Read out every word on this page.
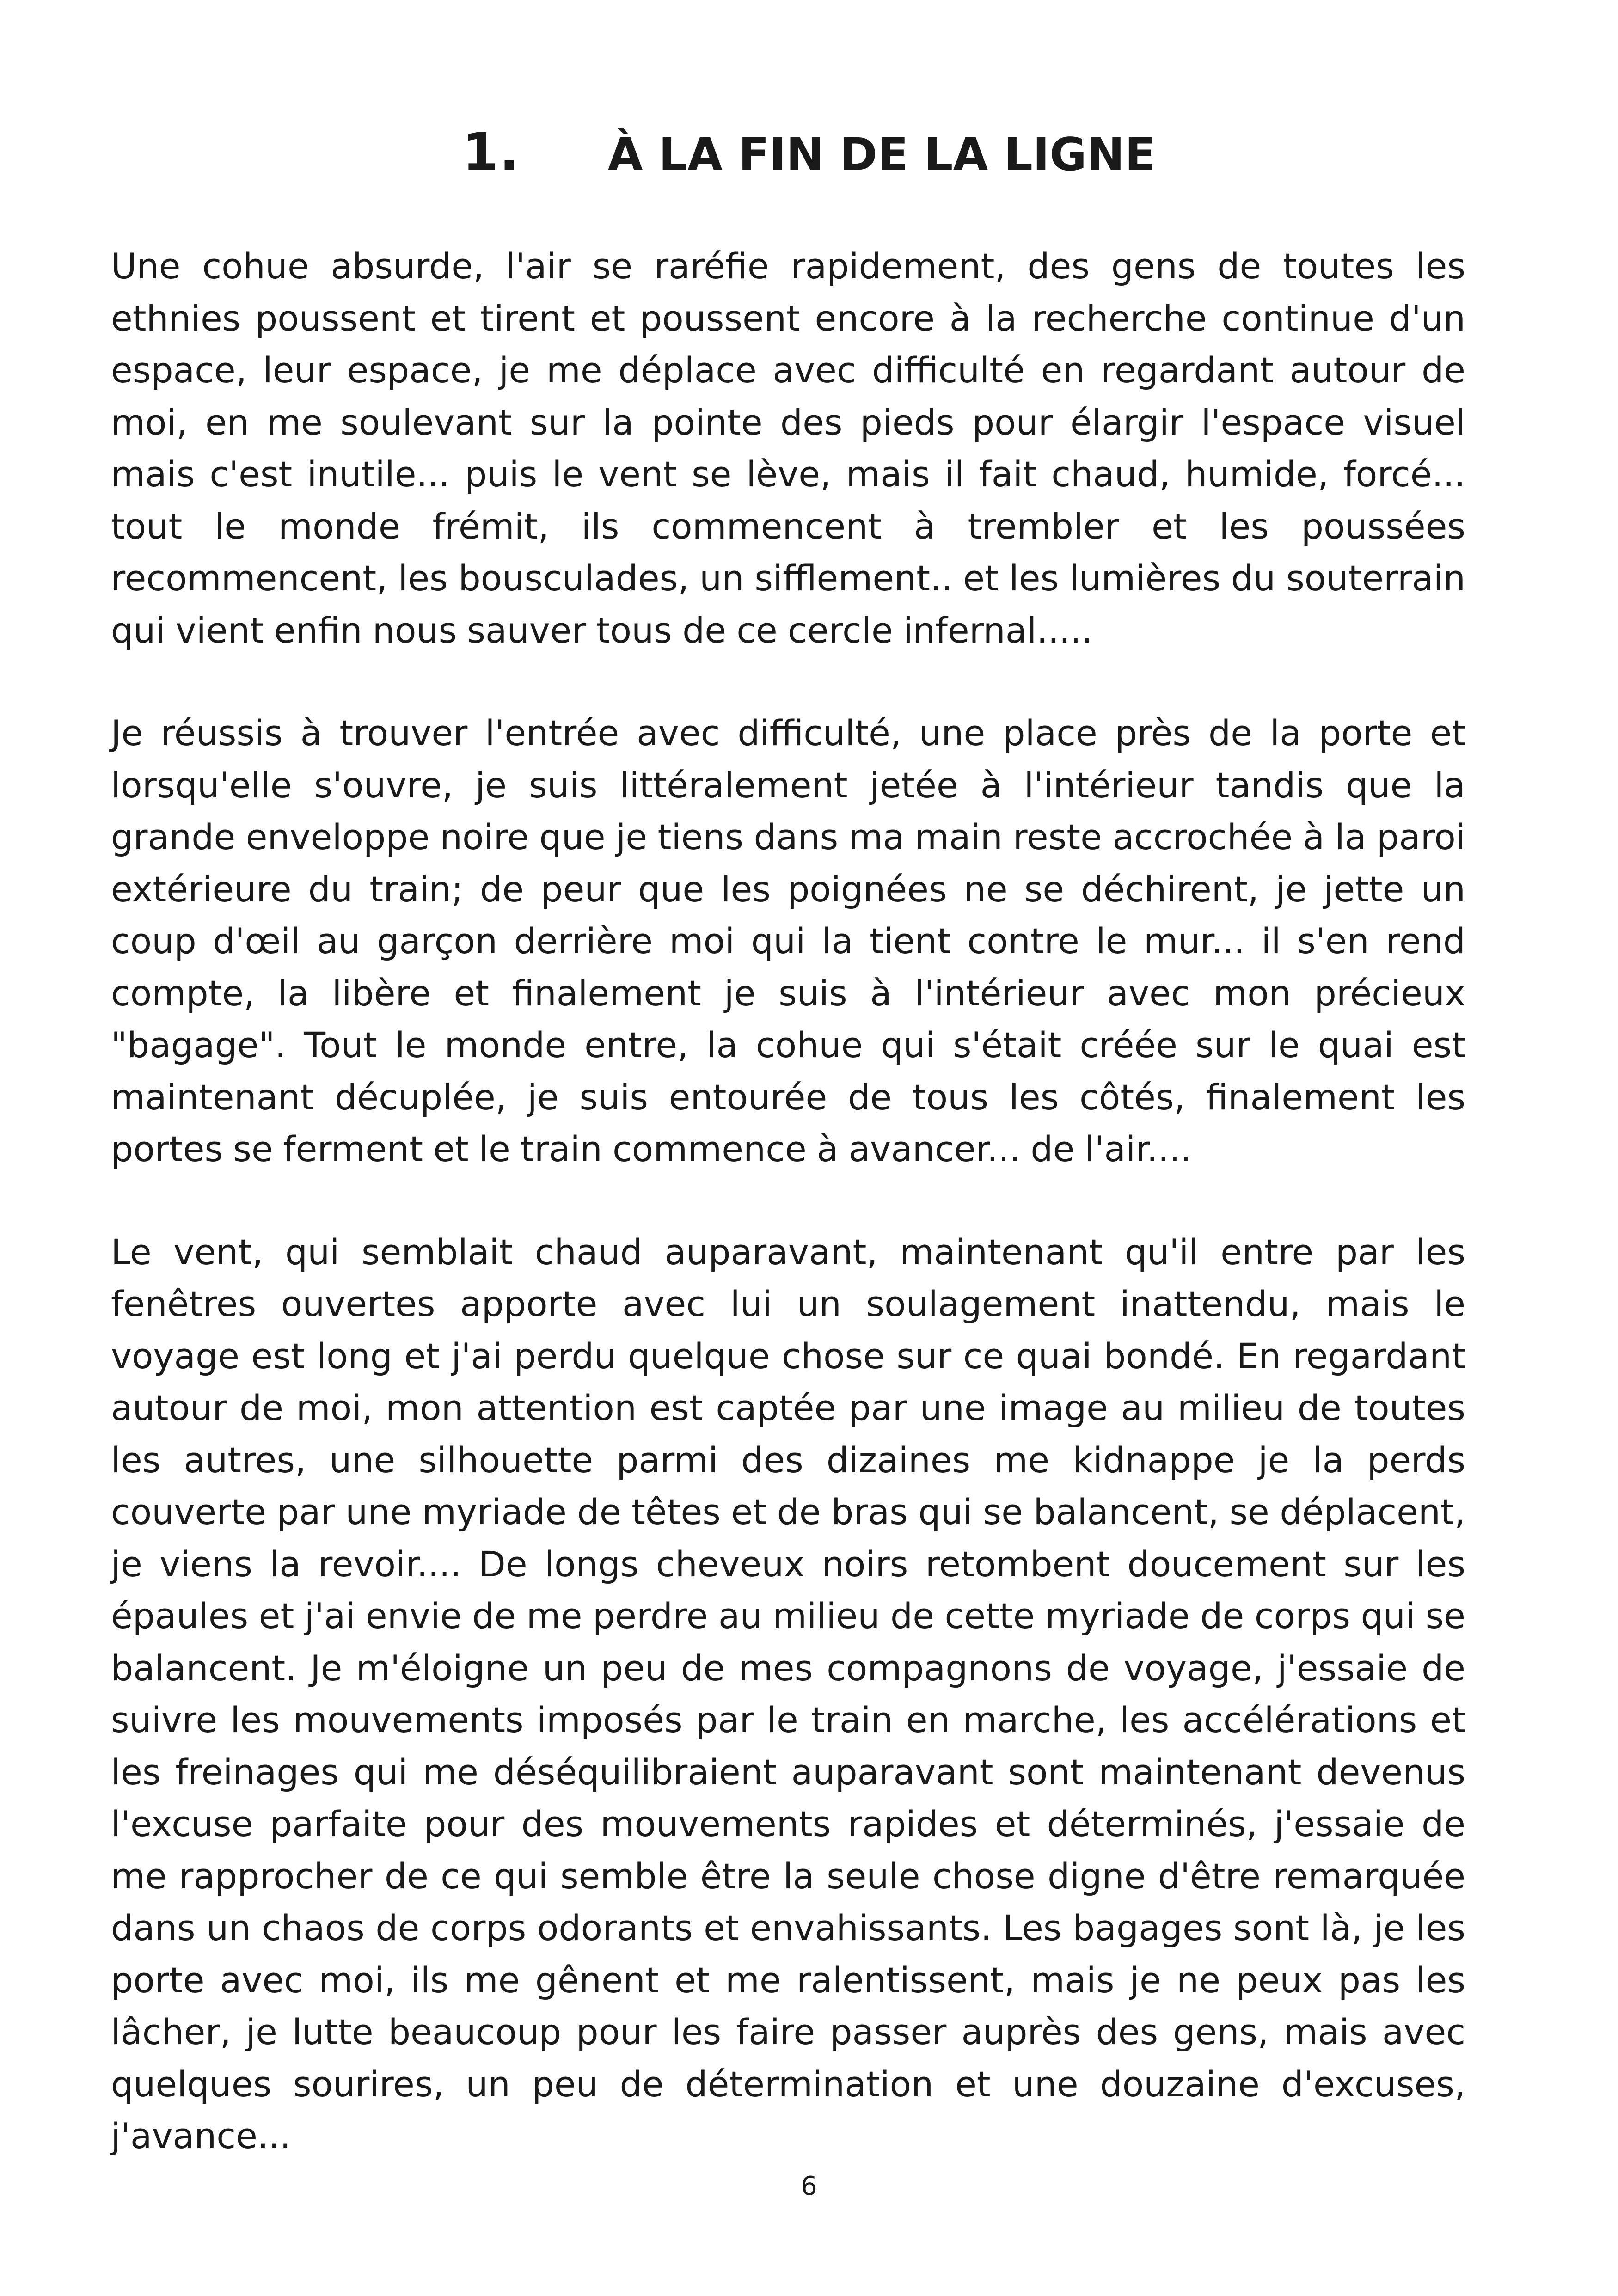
1. À LA FIN DE LA LIGNE

Une cohue absurde, l'air se raréfie rapidement, des gens de toutes les ethnies poussent et tirent et poussent encore à la recherche continue d'un espace, leur espace, je me déplace avec difficulté en regardant autour de moi, en me soulevant sur la pointe des pieds pour élargir l'espace visuel mais c'est inutile... puis le vent se lève, mais il fait chaud, humide, forcé... tout le monde frémit, ils commencent à trembler et les poussées recommencent, les bousculades, un sifflement.. et les lumières du souterrain qui vient enfin nous sauver tous de ce cercle infernal.....

Je réussis à trouver l'entrée avec difficulté, une place près de la porte et lorsqu'elle s'ouvre, je suis littéralement jetée à l'intérieur tandis que la grande enveloppe noire que je tiens dans ma main reste accrochée à la paroi extérieure du train; de peur que les poignées ne se déchirent, je jette un coup d'œil au garçon derrière moi qui la tient contre le mur... il s'en rend compte, la libère et finalement je suis à l'intérieur avec mon précieux "bagage". Tout le monde entre, la cohue qui s'était créée sur le quai est maintenant décuplée, je suis entourée de tous les côtés, finalement les portes se ferment et le train commence à avancer... de l'air....

Le vent, qui semblait chaud auparavant, maintenant qu'il entre par les fenêtres ouvertes apporte avec lui un soulagement inattendu, mais le voyage est long et j'ai perdu quelque chose sur ce quai bondé. En regardant autour de moi, mon attention est captée par une image au milieu de toutes les autres, une silhouette parmi des dizaines me kidnappe je la perds couverte par une myriade de têtes et de bras qui se balancent, se déplacent, je viens la revoir.... De longs cheveux noirs retombent doucement sur les épaules et j'ai envie de me perdre au milieu de cette myriade de corps qui se balancent. Je m'éloigne un peu de mes compagnons de voyage, j'essaie de suivre les mouvements imposés par le train en marche, les accélérations et les freinages qui me déséquilibraient auparavant sont maintenant devenus l'excuse parfaite pour des mouvements rapides et déterminés, j'essaie de me rapprocher de ce qui semble être la seule chose digne d'être remarquée dans un chaos de corps odorants et envahissants. Les bagages sont là, je les porte avec moi, ils me gênent et me ralentissent, mais je ne peux pas les lâcher, je lutte beaucoup pour les faire passer auprès des gens, mais avec quelques sourires, un peu de détermination et une douzaine d'excuses, j'avance...

6
